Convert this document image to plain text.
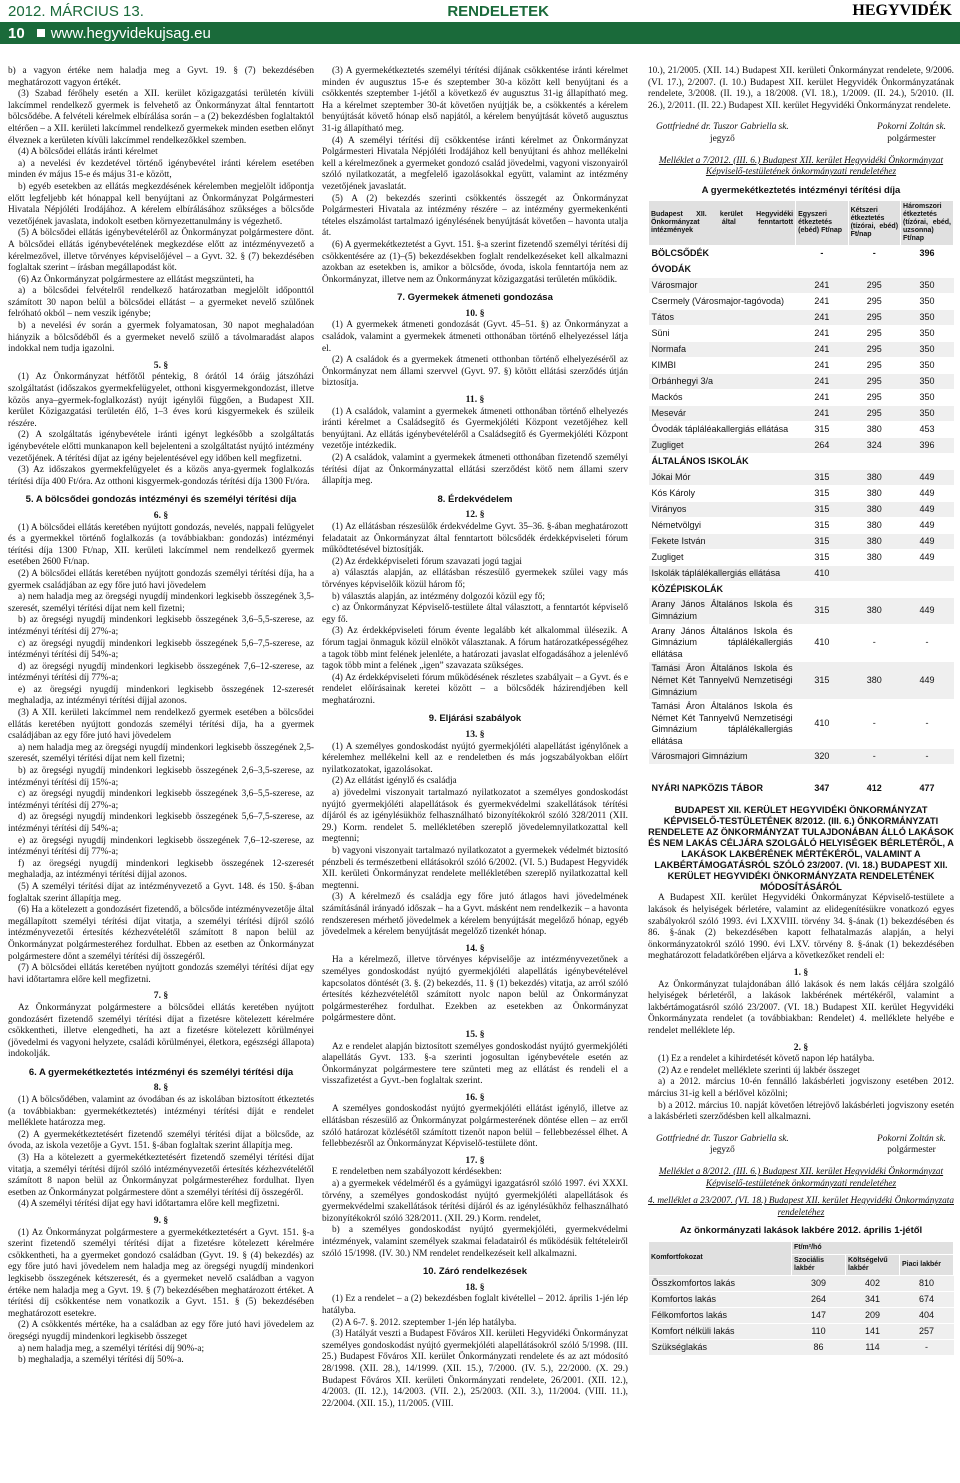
2012. MÁRCIUS 13.	RENDELETEK	HEGYVIDÉK
10 www.hegyvidekujsag.eu

b) a vagyon értéke nem haladja meg a Gyvt. 19. § (7) bekezdésében meghatározott vagyon értékét.

(3) Szabad férőhely esetén a XII. kerület közigazgatási területén kívüli lakcímmel rendelkező gyermek is felvehető az Önkormányzat által fenntartott bölcsődébe. A felvételi kérelmek elbírálása során – a (2) bekezdésben foglaltaktól eltérően – a XII. kerületi lakcímmel rendelkező gyermekek minden esetben előnyt élveznek a kerületen kívüli lakcímmel rendelkezőkkel szemben.

(4) A bölcsődei ellátás iránti kérelmet

a) a nevelési év kezdetével történő igénybevétel iránti kérelem esetében minden év május 15-e és május 31-e között,

b) egyéb esetekben az ellátás megkezdésének kérelemben megjelölt időpontja előtt legfeljebb két hónappal kell benyújtani az Önkormányzat Polgármesteri Hivatala Népjóléti Irodájához. A kérelem elbírálásához szükséges a bölcsőde vezetőjének javaslata, indokolt esetben környezettanulmány is végezhető.

(5) A bölcsődei ellátás igénybevételéről az Önkormányzat polgármestere dönt. A bölcsődei ellátás igénybevételének megkezdése előtt az intézményvezető a kérelmezővel, illetve törvényes képviselőjével – a Gyvt. 32. § (7) bekezdésében foglaltak szerint – írásban megállapodást köt.

(6) Az Önkormányzat polgármestere az ellátást megszünteti, ha

a) a bölcsődei felvételről rendelkező határozatban megjelölt időponttól számított 30 napon belül a bölcsődei ellátást – a gyermeket nevelő szülőnek felróható okból – nem veszik igénybe;

b) a nevelési év során a gyermek folyamatosan, 30 napot meghaladóan hiányzik a bölcsődéből és a gyermeket nevelő szülő a távolmaradást alapos indokkal nem tudja igazolni.

5. §

(1) Az Önkormányzat hétfőtől péntekig, 8 órától 14 óráig játszóházi szolgáltatást (időszakos gyermekfelügyelet, otthoni kisgyermekgondozást, illetve közös anya–gyermek-foglalkozást) nyújt igénylői függően, a Budapest XII. kerület Közigazgatási területén élő, 1–3 éves korú kisgyermekek és szüleik részére.

(2) A szolgáltatás igénybevétele iránti igényt legkésőbb a szolgáltatás igénybevétele előtti munkanapon kell bejelenteni a szolgáltatást nyújtó intézmény vezetőjének. A térítési díjat az igény bejelentésével egy időben kell megfizetni.

(3) Az időszakos gyermekfelügyelet és a közös anya-gyermek foglalkozás térítési díja 400 Ft/óra. Az otthoni kisgyermek-gondozás térítési díja 1300 Ft/óra.

5. A bölcsődei gondozás intézményi és személyi térítési díja
6. §

(1) A bölcsődei ellátás keretében nyújtott gondozás, nevelés, nappali felügyelet és a gyermekkel történő foglalkozás (a továbbiakban: gondozás) intézményi térítési díja 1300 Ft/nap, XII. kerületi lakcímmel nem rendelkező gyermek esetében 2600 Ft/nap.

(2) A bölcsődei ellátás keretében nyújtott gondozás személyi térítési díja, ha a gyermek családjában az egy főre jutó havi jövedelem

a) nem haladja meg az öregségi nyugdíj mindenkori legkisebb összegének 3,5-szeresét, személyi térítési díjat nem kell fizetni;

b) az öregségi nyugdíj mindenkori legkisebb összegének 3,6–5,5-szerese, az intézményi térítési díj 27%-a;

c) az öregségi nyugdíj mindenkori legkisebb összegének 5,6–7,5-szerese, az intézményi térítési díj 54%-a;

d) az öregségi nyugdíj mindenkori legkisebb összegének 7,6–12-szerese, az intézményi térítési díj 77%-a;

e) az öregségi nyugdíj mindenkori legkisebb összegének 12-szeresét meghaladja, az intézményi térítési díjjal azonos.

(3) A XII. kerületi lakcímmel nem rendelkező gyermek esetében a bölcsődei ellátás keretében nyújtott gondozás személyi térítési díja, ha a gyermek családjában az egy főre jutó havi jövedelem

a) nem haladja meg az öregségi nyugdíj mindenkori legkisebb összegének 2,5-szeresét, személyi térítési díjat nem kell fizetni;

b) az öregségi nyugdíj mindenkori legkisebb összegének 2,6–3,5-szerese, az intézményi térítési díj 15%-a;

c) az öregségi nyugdíj mindenkori legkisebb összegének 3,6–5,5-szerese, az intézményi térítési díj 27%-a;

d) az öregségi nyugdíj mindenkori legkisebb összegének 5,6–7,5-szerese, az intézményi térítési díj 54%-a;

e) az öregségi nyugdíj mindenkori legkisebb összegének 7,6–12-szerese, az intézményi térítési díj 77%-a;

f) az öregségi nyugdíj mindenkori legkisebb összegének 12-szeresét meghaladja, az intézményi térítési díjjal azonos.

(5) A személyi térítési díjat az intézményvezető a Gyvt. 148. és 150. §-ában foglaltak szerint állapítja meg.

(6) Ha a kötelezett a gondozásért fizetendő, a bölcsőde intézményvezetője által megállapított személyi térítési díjat vitatja, a személyi térítési díjról szóló intézményvezetői értesítés kézhezvételétől számított 8 napon belül az Önkormányzat polgármesteréhez fordulhat. Ebben az esetben az Önkormányzat polgármestere dönt a személyi térítési díj összegéről.

(7) A bölcsődei ellátás keretében nyújtott gondozás személyi térítési díjat egy havi időtartamra előre kell megfizetni.

7. §

Az Önkormányzat polgármestere a bölcsődei ellátás keretében nyújtott gondozásért fizetendő személyi térítési díjat a fizetésre kötelezett kérelmére csökkentheti, illetve elengedheti, ha azt a fizetésre kötelezett körülményei (jövedelmi és vagyoni helyzete, családi körülményei, életkora, egészségi állapota) indokolják.

6. A gyermekétkeztetés intézményi és személyi térítési díja
8. §

(1) A bölcsődében, valamint az óvodában és az iskolában biztosított étkeztetés (a továbbiakban: gyermekétkeztetés) intézményi térítési díját e rendelet melléklete határozza meg.

(2) A gyermekétkeztetésért fizetendő személyi térítési díjat a bölcsőde, az óvoda, az iskola vezetője a Gyvt. 151. §-ában foglaltak szerint állapítja meg.

(3) Ha a kötelezett a gyermekétkeztetésért fizetendő személyi térítési díjat vitatja, a személyi térítési díjról szóló intézményvezetői értesítés kézhezvételétől számított 8 napon belül az Önkormányzat polgármesteréhez fordulhat. Ilyen esetben az Önkormányzat polgármestere dönt a személyi térítési díj összegéről.

(4) A személyi térítési díjat egy havi időtartamra előre kell megfizetni.

9. §

(1) Az Önkormányzat polgármestere a gyermekétkeztetésért a Gyvt. 151. §-a szerint fizetendő személyi térítési díjat a fizetésre kötelezett kérelmére csökkentheti, ha a gyermeket gondozó családban (Gyvt. 19. § (4) bekezdés) az egy főre jutó havi jövedelem nem haladja meg az öregségi nyugdíj mindenkori legkisebb összegének kétszeresét, és a gyermeket nevelő családban a vagyon értéke nem haladja meg a Gyvt. 19. § (7) bekezdésében meghatározott értéket. A térítési díj csökkentése nem vonatkozik a Gyvt. 151. § (5) bekezdésében meghatározott esetekre.

(2) A csökkentés mértéke, ha a családban az egy főre jutó havi jövedelem az öregségi nyugdíj mindenkori legkisebb összeget

a) nem haladja meg, a személyi térítési díj 90%-a;

b) meghaladja, a személyi térítési díj 50%-a.

(3) A gyermekétkeztetés személyi térítési díjának csökkentése iránti kérelmet minden év augusztus 15-e és szeptember 30-a között kell benyújtani és a csökkentés szeptember 1-jétől a következő év augusztus 31-ig állapítható meg. Ha a kérelmet szeptember 30-át követően nyújtják be, a csökkentés a kérelem benyújtását követő hónap első napjától, a kérelem benyújtását követő augusztus 31-ig állapítható meg.

(4) A személyi térítési díj csökkentése iránti kérelmet az Önkormányzat Polgármesteri Hivatala Népjóléti Irodájához kell benyújtani és ahhoz mellékelni kell a kérelmezőnek a gyermeket gondozó család jövedelmi, vagyoni viszonyairól szóló nyilatkozatát, a megfelelő igazolásokkal együtt, valamint az intézmény vezetőjének javaslatát.

(5) A (2) bekezdés szerinti csökkentés összegét az Önkormányzat Polgármesteri Hivatala az intézmény részére – az intézmény gyermekenkénti tételes elszámolást tartalmazó igénylésének benyújtását követően – havonta utalja át.

(6) A gyermekétkeztetést a Gyvt. 151. §-a szerint fizetendő személyi térítési díj csökkentésére az (1)–(5) bekezdésekben foglalt rendelkezéseket kell alkalmazni azokban az esetekben is, amikor a bölcsőde, óvoda, iskola fenntartója nem az Önkormányzat, illetve nem az Önkormányzat közigazgatási területén működik.

7. Gyermekek átmeneti gondozása
10. §

(1) A gyermekek átmeneti gondozását (Gyvt. 45–51. §) az Önkormányzat a családok, valamint a gyermekek átmeneti otthonában történő elhelyezéssel látja el.

(2) A családok és a gyermekek átmeneti otthonban történő elhelyezéséről az Önkormányzat nem állami szervvel (Gyvt. 97. §) kötött ellátási szerződés útján biztosítja.

11. §

(1) A családok, valamint a gyermekek átmeneti otthonában történő elhelyezés iránti kérelmet a Családsegítő és Gyermekjóléti Központ vezetőjéhez kell benyújtani. Az ellátás igénybevételéről a Családsegítő és Gyermekjóléti Központ vezetője intézkedik.

(2) A családok, valamint a gyermekek átmeneti otthonában fizetendő személyi térítési díjat az Önkormányzattal ellátási szerződést kötő nem állami szerv állapítja meg.

8. Érdekvédelem
12. §

(1) Az ellátásban részesülők érdekvédelme Gyvt. 35–36. §-ában meghatározott feladatait az Önkormányzat által fenntartott bölcsődék érdekképviseleti fórum működtetésével biztosítják.

(2) Az érdekképviseleti fórum szavazati jogú tagjai

a) választás alapján, az ellátásban részesülő gyermekek szülei vagy más törvényes képviselőik közül három fő;

b) választás alapján, az intézmény dolgozói közül egy fő;

c) az Önkormányzat Képviselő-testülete által választott, a fenntartót képviselő egy fő.

(3) Az érdekképviseleti fórum évente legalább két alkalommal ülésezik. A fórum tagjai önmaguk közül elnököt választanak. A fórum határozatképességéhez a tagok több mint felének jelenléte, a határozati javaslat elfogadásához a jelenlévő tagok több mint a felének „igen” szavazata szükséges.

(4) Az érdekképviseleti fórum működésének részletes szabályait – a Gyvt. és e rendelet előírásainak keretei között – a bölcsődék házirendjében kell meghatározni.

9. Eljárási szabályok
13. §

(1) A személyes gondoskodást nyújtó gyermekjóléti alapellátást igénylőnek a kérelemhez mellékelni kell az e rendeletben és más jogszabályokban előírt nyilatkozatokat, igazolásokat.

(2) Az ellátást igénylő és családja

a) jövedelmi viszonyait tartalmazó nyilatkozatot a személyes gondoskodást nyújtó gyermekjóléti alapellátások és gyermekvédelmi szakellátások térítési díjáról és az igénylésükhöz felhasználható bizonyítékokról szóló 328/2011 (XII. 29.) Korm. rendelet 5. mellékletében szereplő jövedelemnyilatkozattal kell megtenni;

b) vagyoni viszonyait tartalmazó nyilatkozatot a gyermekek védelmét biztosító pénzbeli és természetbeni ellátásokról szóló 6/2002. (VI. 5.) Budapest Hegyvidék XII. kerületi Önkormányzat rendelete mellékletében szereplő nyilatkozattal kell megtenni.

(3) A kérelmező és családja egy főre jutó átlagos havi jövedelmének számításánál irányadó időszak – ha a Gyvt. másként nem rendelkezik – a havonta rendszeresen mérhető jövedelmek a kérelem benyújtását megelőző hónap, egyéb jövedelmek a kérelem benyújtását megelőző tizenkét hónap.

14. §

Ha a kérelmező, illetve törvényes képviselője az intézményvezetőnek a személyes gondoskodást nyújtó gyermekjóléti alapellátás igénybevételével kapcsolatos döntését (3. §. (2) bekezdés, 11. § (1) bekezdés) vitatja, az arról szóló értesítés kézhezvételétől számított nyolc napon belül az Önkormányzat polgármesteréhez fordulhat. Ezekben az esetekben az Önkormányzat polgármestere dönt.

15. §

Az e rendelet alapján biztosított személyes gondoskodást nyújtó gyermekjóléti alapellátás Gyvt. 133. §-a szerinti jogosultan igénybevétele esetén az Önkormányzat polgármestere tere szünteti meg az ellátást és rendeli el a visszafizetést a Gyvt.-ben foglaltak szerint.

16. §

A személyes gondoskodást nyújtó gyermekjóléti ellátást igénylő, illetve az ellátásban részesülő az Önkormányzat polgármesterének döntése ellen – az erről szóló határozat közlésétől számított tizenöt napon belül – fellebbezéssel élhet. A fellebbezésről az Önkormányzat Képviselő-testülete dönt.

17. §

E rendeletben nem szabályozott kérdésekben:

a) a gyermekek védelméről és a gyámügyi igazgatásról szóló 1997. évi XXXI. törvény, a személyes gondoskodást nyújtó gyermekjóléti alapellátások és gyermekvédelmi szakellátások térítési díjáról és az igénylésükhöz felhasználható bizonyítékokról szóló 328/2011. (XII. 29.) Korm. rendelet,

b) a személyes gondoskodást nyújtó gyermekjóléti, gyermekvédelmi intézmények, valamint személyek szakmai feladatairól és működésük feltételeiről szóló 15/1998. (IV. 30.) NM rendelet rendelkezéseit kell alkalmazni.

10. Záró rendelkezések
18. §

(1) Ez a rendelet – a (2) bekezdésben foglalt kivétellel – 2012. április 1-jén lép hatályba.

(2) A 6-7. §. 2012. szeptember 1-jén lép hatályba.

(3) Hatályát veszti a Budapest Főváros XII. kerületi Hegyvidéki Önkormányzat személyes gondoskodást nyújtó gyermekjóléti alapellátásokról szóló 5/1998. (III. 25.) Budapest Főváros XII. kerület Önkormányzati rendelete és az azt módosító 28/1998. (XII. 28.), 14/1999. (XII. 15.), 7/2000. (IV. 5.), 22/2000. (X. 29.) Budapest Főváros XII. kerületi Önkormányzati rendelete, 26/2001. (XII. 12.), 4/2003. (II. 12.), 14/2003. (VII. 2.), 25/2003. (XII. 3.), 11/2004. (VIII. 11.), 22/2004. (XII. 15.), 11/2005. (VIII.

10.), 21/2005. (XII. 14.) Budapest XII. kerületi Önkormányzat rendelete, 9/2006. (VI. 17.), 2/2007. (I. 10.) Budapest XII. kerület Hegyvidék Önkormányzatának rendelete, 3/2008. (II. 19.), a 18/2008. (VI. 18.), 1/2009. (II. 24.), 5/2010. (II. 26.), 2/2011. (II. 22.) Budapest XII. kerület Hegyvidéki Önkormányzat rendelete.

Gottfriedné dr. Tuszor Gabriella sk.
jegyző
Pokorni Zoltán sk.
polgármester
Melléklet a 7/2012. (III. 6.) Budapest XII. kerület Hegyvidéki Önkormányzat Képviselő-testületének önkormányzati rendeletéhez
A gyermekétkeztetés intézményi térítési díja
Budapest XII. kerület Hegyvidéki Önkormányzat által fenntartott intézmények	Egyszeri étkeztetés (ebéd) Ft/nap	Kétszeri étkeztetés (tízórai, ebéd) Ft/nap	Háromszori étkeztetés (tízórai, ebéd, uzsonna) Ft/nap
BÖLCSŐDÉK	-	-	396
ÓVODÁK			
Városmajor	241	295	350
Csermely (Városmajor-tagóvoda)	241	295	350
Tátos	241	295	350
Süni	241	295	350
Normafa	241	295	350
KIMBI	241	295	350
Orbánhegyi 3/a	241	295	350
Mackós	241	295	350
Mesevár	241	295	350
Óvodák tápláléakallergiás ellátása	315	380	453
Zugliget	264	324	396
ÁLTALÁNOS ISKOLÁK			
Jókai Mór	315	380	449
Kós Károly	315	380	449
Virányos	315	380	449
Németvölgyi	315	380	449
Fekete István	315	380	449
Zugliget	315	380	449
Iskolák táplálékallergiás ellátása	410		
KÖZÉPISKOLÁK			
Arany János Általános Iskola és Gimnázium	315	380	449
Arany János Általános Iskola és Gimnázium táplálékallergiás ellátása	410	-	-
Tamási Áron Általános Iskola és Német Két Tannyelvű Nemzetiségi Gimnázium	315	380	449
Tamási Áron Általános Iskola és Német Két Tannyelvű Nemzetiségi Gimnázium táplálékallergiás ellátása	410	-	-
Városmajori Gimnázium	320	-	-

NYÁRI NAPKÖZIS TÁBOR	347	412	477
BUDAPEST XII. KERÜLET HEGYVIDÉKI ÖNKORMÁNYZAT KÉPVISELŐ-TESTÜLETÉNEK 8/2012. (III. 6.) ÖNKORMÁNYZATI RENDELETE AZ ÖNKORMÁNYZAT TULAJDONÁBAN ÁLLÓ LAKÁSOK ÉS NEM LAKÁS CÉLJÁRA SZOLGÁLÓ HELYISÉGEK BÉRLETÉRŐL, A LAKÁSOK LAKBÉRÉNEK MÉRTÉKÉRŐL, VALAMINT A LAKBÉRTÁMOGATÁSRÓL SZÓLÓ 23/2007. (VI. 18.) BUDAPEST XII. KERÜLET HEGYVIDÉKI ÖNKORMÁNYZATA RENDELETÉNEK MÓDOSÍTÁSÁRÓL

A Budapest XII. kerület Hegyvidéki Önkormányzat Képviselő-testülete a lakások és helyiségek bérletére, valamint az elidegenítésükre vonatkozó egyes szabályokról szóló 1993. évi LXXVIII. törvény 34. §-ának (1) bekezdésében és 86. §-ának (2) bekezdésében kapott felhatalmazás alapján, a helyi önkormányzatokról szóló 1990. évi LXV. törvény 8. §-ának (1) bekezdésében meghatározott feladatkörében eljárva a következőket rendeli el:

1. §

Az Önkormányzat tulajdonában álló lakások és nem lakás céljára szolgáló helyiségek bérletéről, a lakások lakbérének mértékéről, valamint a lakbértámogatásról szóló 23/2007. (VI. 18.) Budapest XII. kerület Hegyvidéki Önkormányzata rendelet (a továbbiakban: Rendelet) 4. melléklete helyébe e rendelet melléklete lép.

2. §

(1) Ez a rendelet a kihirdetését követő napon lép hatályba.

(2) Az e rendelet melléklete szerinti új lakbér összeget

a) a 2012. március 10-én fennálló lakásbérleti jogviszony esetében 2012. március 31-ig kell a bérlővel közölni;

b) a 2012. március 10. napját követően létrejövő lakásbérleti jogviszony esetén a lakásbérleti szerződésben kell alkalmazni.

Gottfriedné dr. Tuszor Gabriella sk.
jegyző
Pokorni Zoltán sk.
polgármester
Melléklet a 8/2012. (III. 6.) Budapest XII. kerület Hegyvidéki Önkormányzat Képviselő-testületének önkormányzati rendeletéhez
4. melléklet a 23/2007. (VI. 18.) Budapest XII. kerület Hegyvidéki Önkormányzata rendeletéhez
Az önkormányzati lakások lakbére 2012. április 1-jétől
Komfortfokozat	Ft/m²/hó		
	Szociális lakbér	Költségelvű lakbér	Piaci lakbér
Összkomfortos lakás	309	402	810
Komfortos lakás	264	341	674
Félkomfortos lakás	147	209	404
Komfort nélküli lakás	110	141	257
Szükséglakás	86	114	-
